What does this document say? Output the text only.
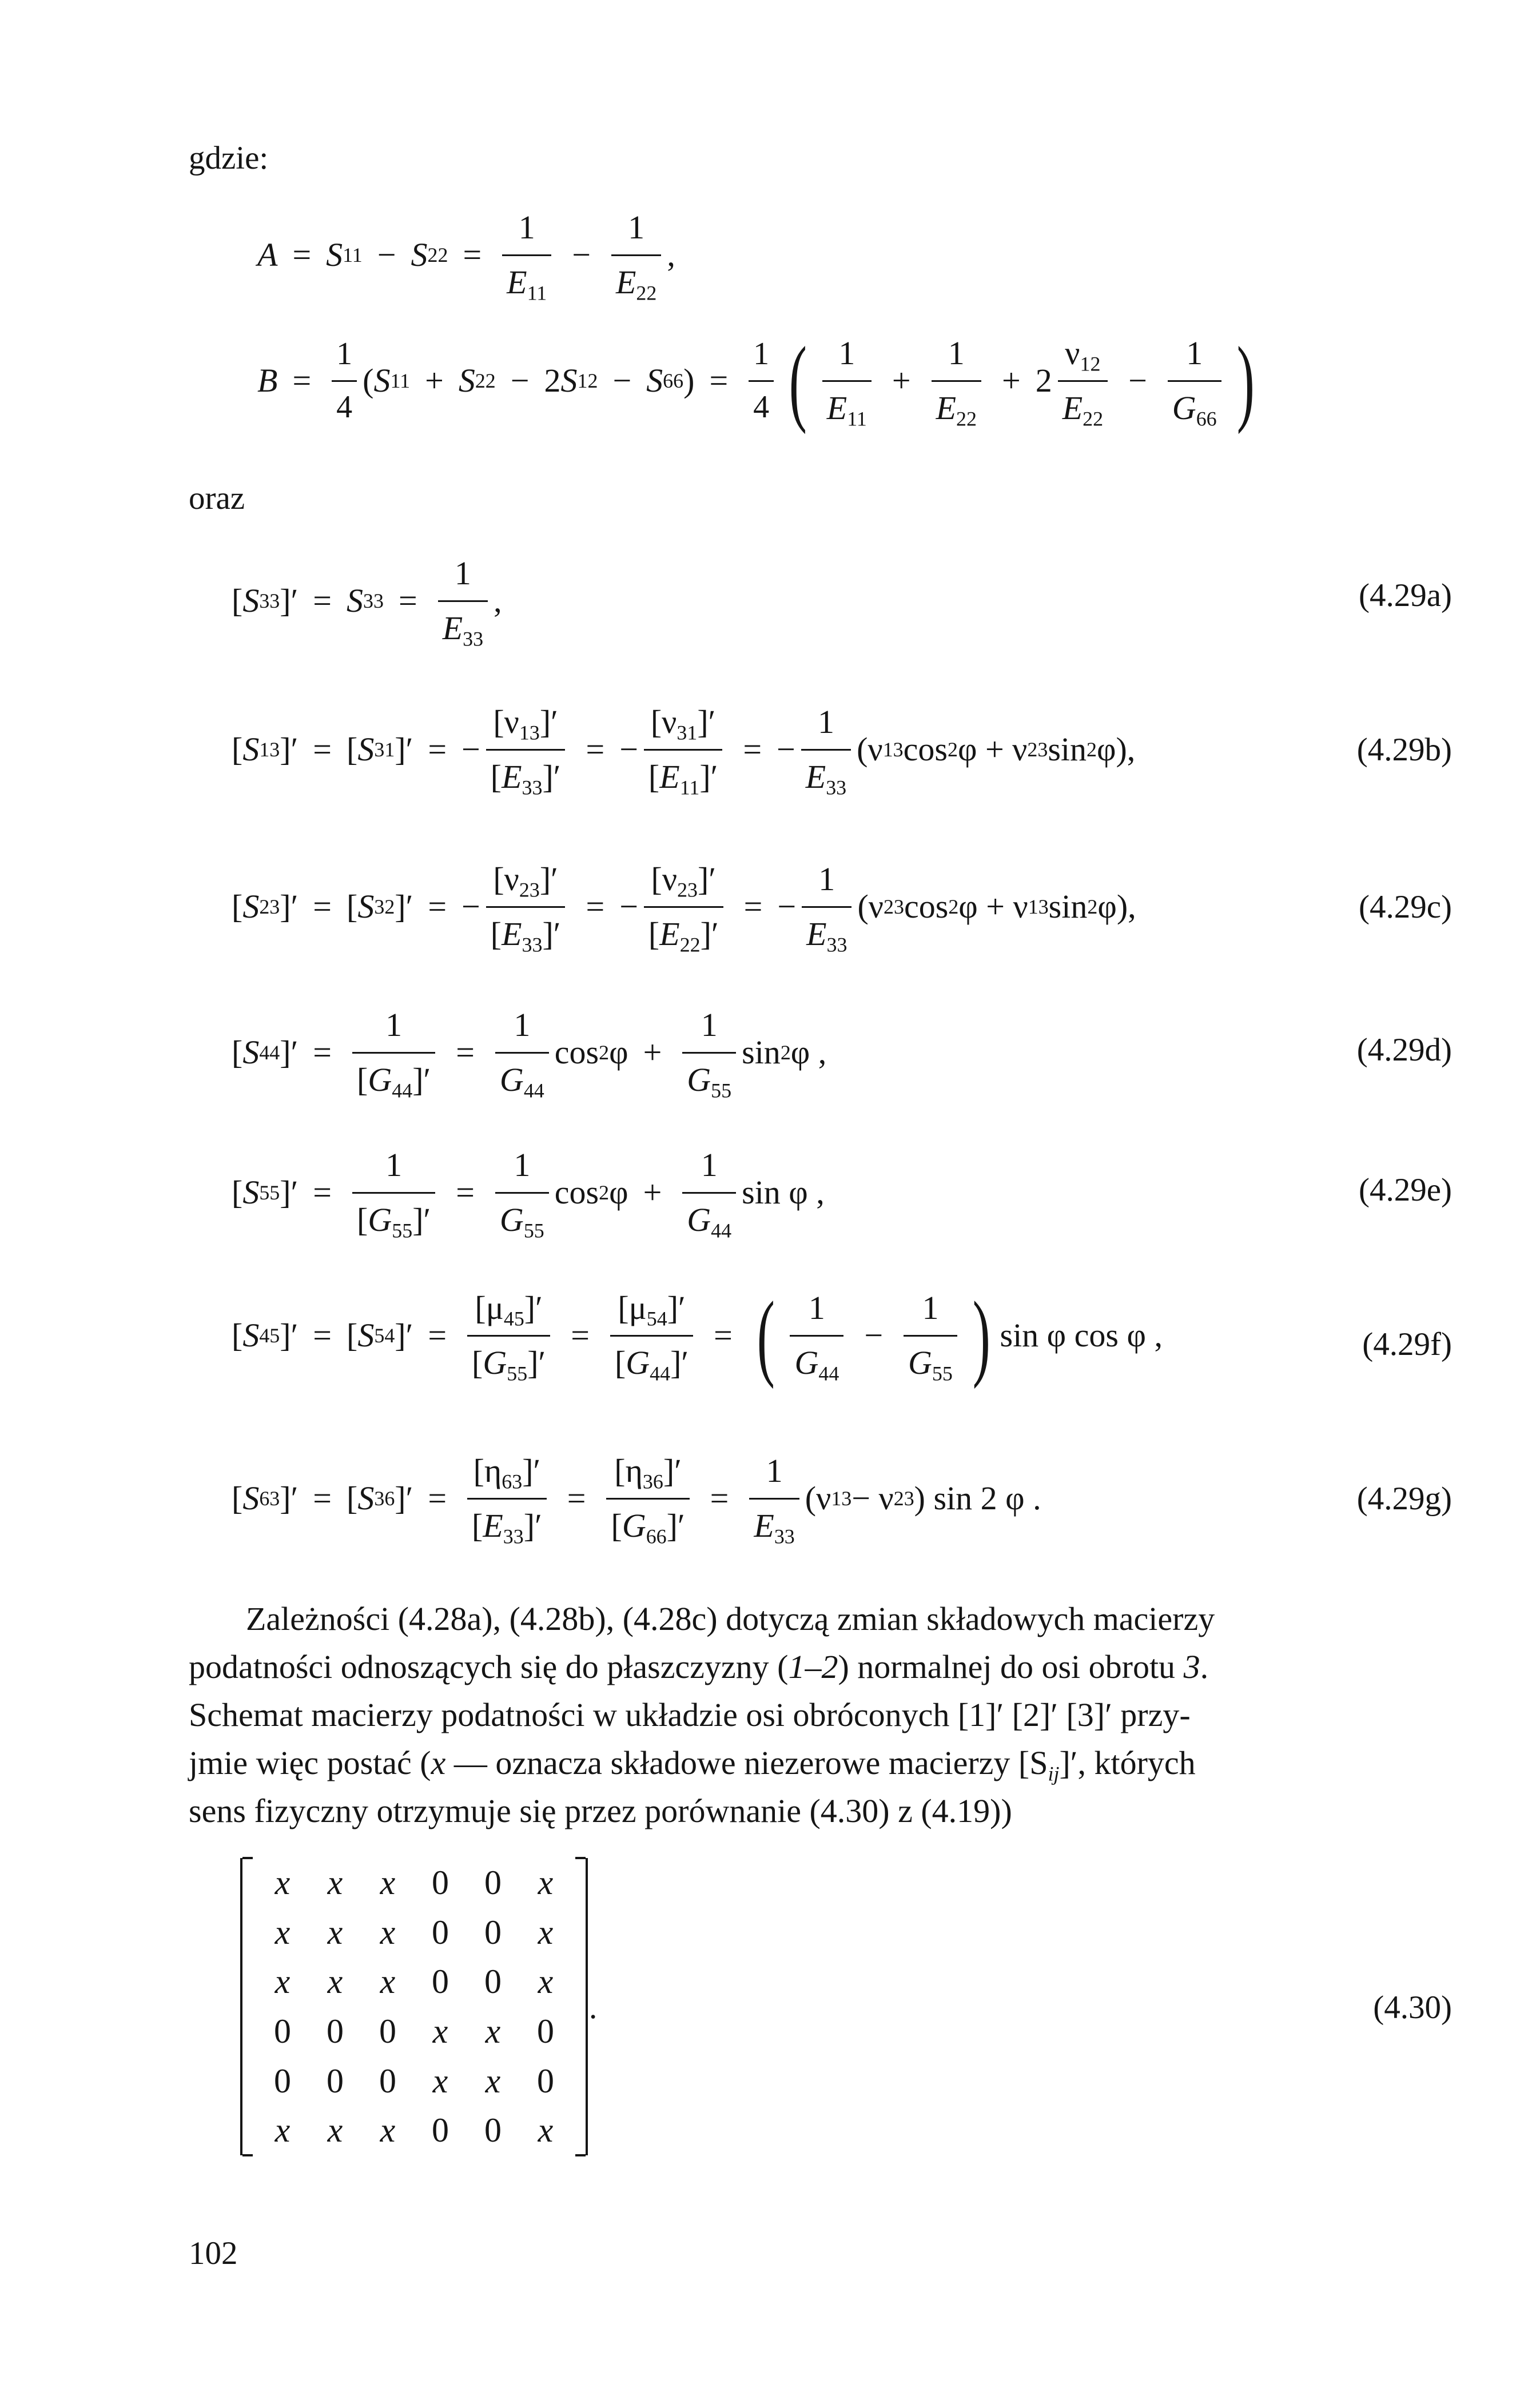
gdzie:
A = S 11 − S $22 = \frac{1}{E_{11}} - \frac{1}{E_{22}}$ ,
$B = \frac{1}{4}$ ( S 11 + S 22 − 2 S 12 − S 66 ) = $\frac{1}{4}$ ( $\frac{1}{E_{11}} + \frac{1}{E_{22}} + 2 \frac{\nu_{12}}{E_{22}} - \frac{1}{G_{66}}$ )
oraz
[ S 33 ]′ = S $33 = \frac{1}{E_{33}}$ ,	(4.29a)
[ S 13 ]′ = [ S 31 ]′ = − $\frac{[\nu_{13}]'}{[E_{33}]'}$ = − $\frac{[\nu_{31}]'}{[E_{11}]'}$ = − $\frac{1}{E_{33}} (\nu$ 13 cos 2 φ + ν 23 sin 2 φ),	(4.29b)
[ S 23 ]′ = [ S 32 ]′ = − $\frac{[\nu_{23}]'}{[E_{33}]'}$ = − $\frac{[\nu_{23}]'}{[E_{22}]'}$ = − $\frac{1}{E_{33}} (\nu$ 23 cos 2 φ + ν 13 sin 2 φ),	(4.29c)
[ S 44 ]′ = $\frac{1}{[G_{44}]'} = \frac{1}{G_{44}}$ cos 2 $\varphi + \frac{1}{G_{55}}$ sin 2 φ ,	(4.29d)
[ S 55 ]′ = $\frac{1}{[G_{55}]'} = \frac{1}{G_{55}}$ cos 2 $\varphi + \frac{1}{G_{44}}$ sin φ ,	(4.29e)
[ S 45 ]′ = [ S 54 ]′ = $\frac{[\mu_{45}]'}{[G_{55}]'} = \frac{[\mu_{54}]'}{[G_{44}]'}$ = ( $\frac{1}{G_{44}} - \frac{1}{G_{55}}$ ) sin φ cos φ ,	(4.29f)
[ S 63 ]′ = [ S 36 ]′ = $\frac{[\eta_{63}]'}{[E_{33}]'} = \frac{[\eta_{36}]'}{[G_{66}]'} = \frac{1}{E_{33}} (\nu$ 13 − ν 23 ) sin 2 φ .	(4.29g)
Zależności (4.28a), (4.28b), (4.28c) dotyczą zmian składowych macierzy
podatności odnoszących się do płaszczyzny (1–2) normalnej do osi obrotu 3.
Schemat macierzy podatności w układzie osi obróconych [1]′ [2]′ [3]′ przy-
jmie więc postać (x — oznacza składowe niezerowe macierzy $[S_{ij}]'$, których
sens fizyczny otrzymuje się przez porównanie (4.30) z (4.19))
x	x	x	0	0	x
x	x	x	0	0	x
x	x	x	0	0	x
0	0	0	x	x	0
0	0	0	x	x	0
x	x	x	0	0	x
.	(4.30)
102
